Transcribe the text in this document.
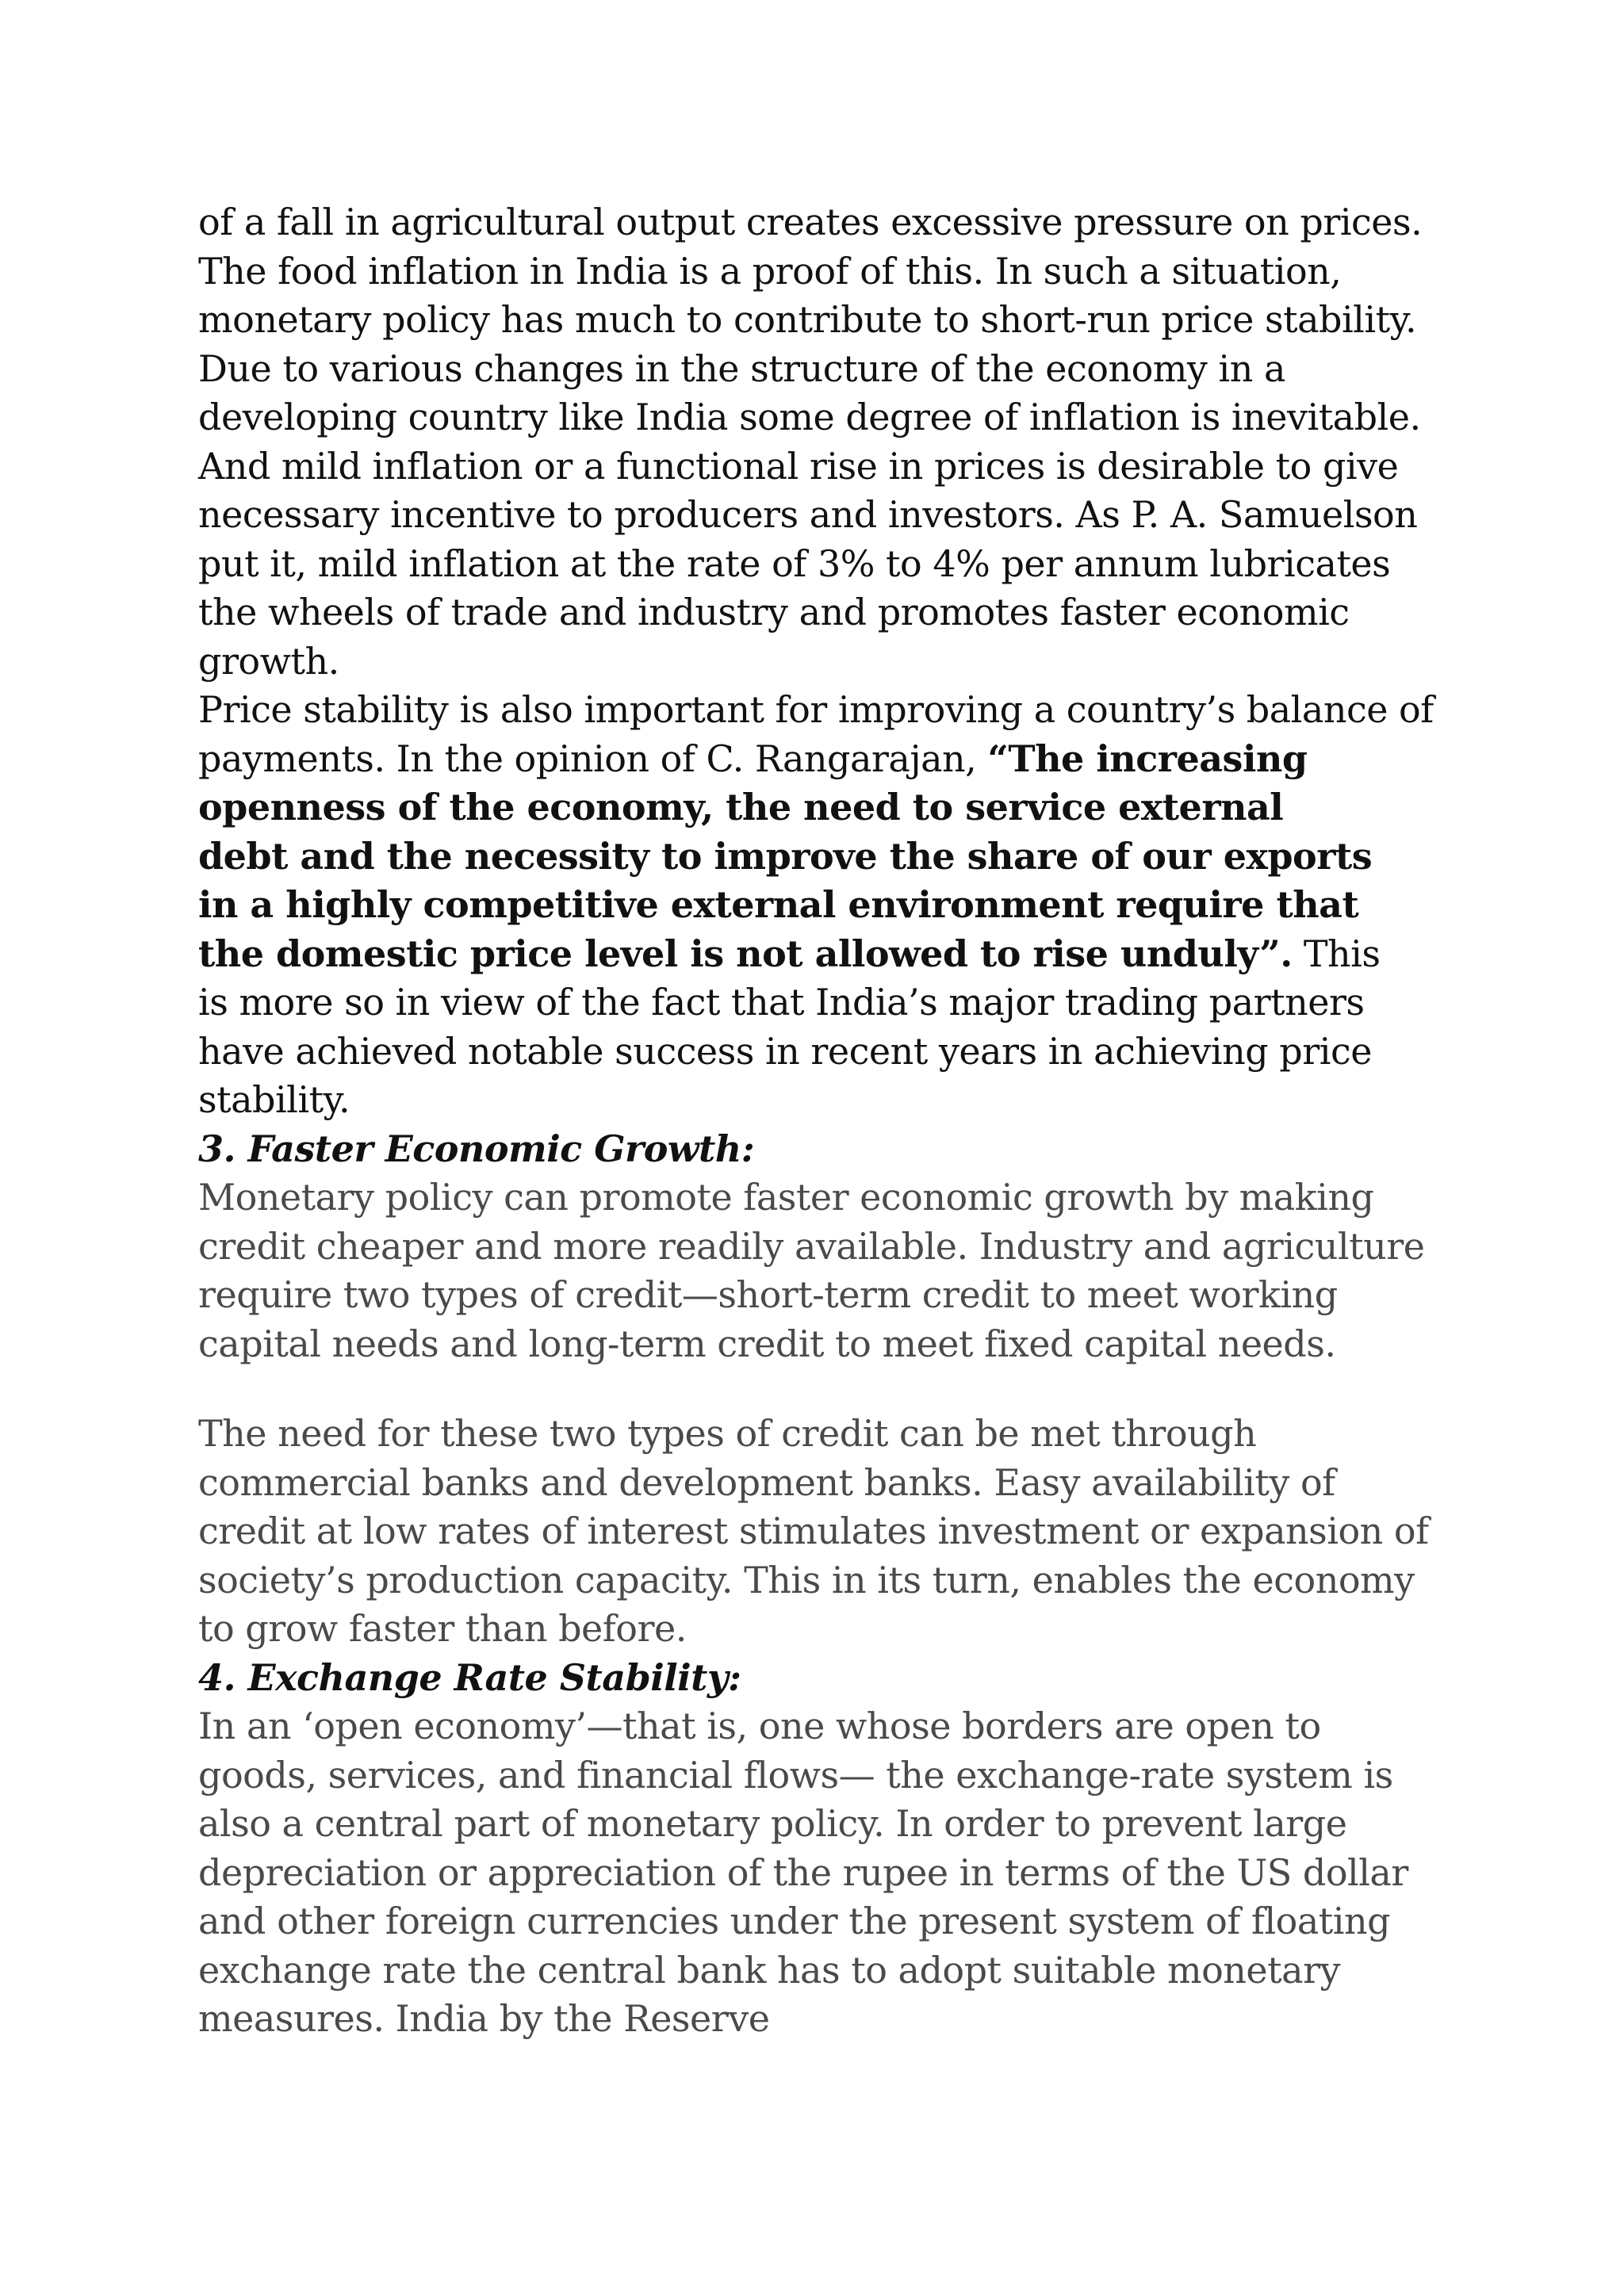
of a fall in agricultural output creates excessive pressure on prices.
The food inflation in India is a proof of this. In such a situation,
monetary policy has much to contribute to short-run price stability.
Due to various changes in the structure of the economy in a
developing country like India some degree of inflation is inevitable.
And mild inflation or a functional rise in prices is desirable to give
necessary incentive to producers and investors. As P. A. Samuelson
put it, mild inflation at the rate of 3% to 4% per annum lubricates
the wheels of trade and industry and promotes faster economic
growth.
Price stability is also important for improving a country’s balance of
payments. In the opinion of C. Rangarajan, “The increasing
openness of the economy, the need to service external
debt and the necessity to improve the share of our exports
in a highly competitive external environment require that
the domestic price level is not allowed to rise unduly”. This
is more so in view of the fact that India’s major trading partners
have achieved notable success in recent years in achieving price
stability.
3. Faster Economic Growth:
Monetary policy can promote faster economic growth by making
credit cheaper and more readily available. Industry and agriculture
require two types of credit—short-term credit to meet working
capital needs and long-term credit to meet fixed capital needs.
The need for these two types of credit can be met through
commercial banks and development banks. Easy availability of
credit at low rates of interest stimulates investment or expansion of
society’s production capacity. This in its turn, enables the economy
to grow faster than before.
4. Exchange Rate Stability:
In an ‘open economy’—that is, one whose borders are open to
goods, services, and financial flows— the exchange-rate system is
also a central part of monetary policy. In order to prevent large
depreciation or appreciation of the rupee in terms of the US dollar
and other foreign currencies under the present system of floating
exchange rate the central bank has to adopt suitable monetary
measures. India by the Reserve
